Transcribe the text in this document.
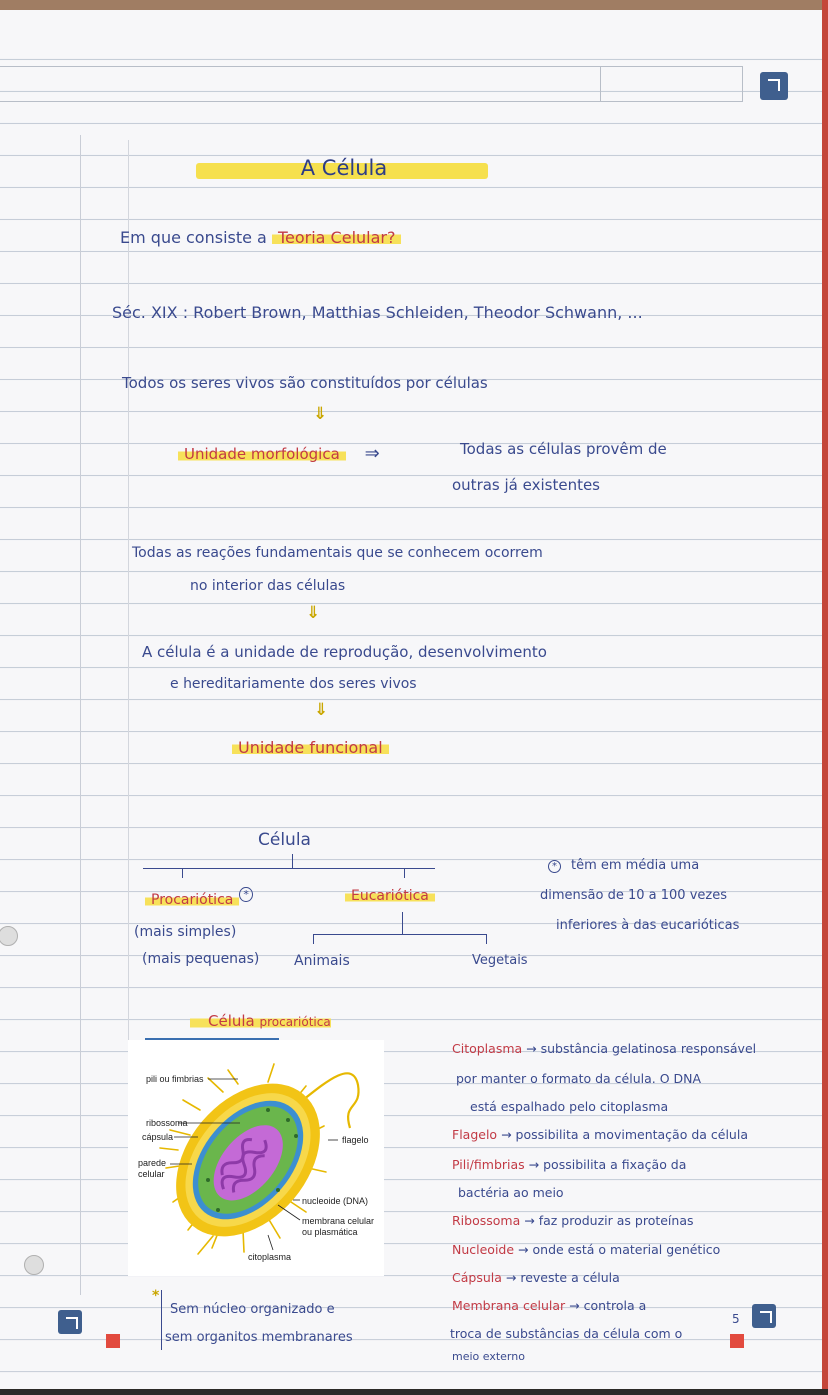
A Célula
Em que consiste a Teoria Celular?
Séc. XIX : Robert Brown, Matthias Schleiden, Theodor Schwann, ...
Todos os seres vivos são constituídos por células
⇓
Unidade morfológica ⇒	Todas as células provêm de
outras já existentes
Todas as reações fundamentais que se conhecem ocorrem
no interior das células
⇓
A célula é a unidade de reprodução, desenvolvimento
e hereditariamente dos seres vivos
⇓
Unidade funcional
Célula
Procariótica *	Eucariótica
(mais simples)
(mais pequenas) Animais	Vegetais
* têm em média uma
dimensão de 10 a 100 vezes
inferiores à das eucarióticas
Célula procariótica
pili ou fimbrias
ribossoma
cápsula
parede celular
flagelo
nucleoide (DNA)
membrana celular ou plasmática
citoplasma
Citoplasma → substância gelatinosa responsável
por manter o formato da célula. O DNA
está espalhado pelo citoplasma
Flagelo → possibilita a movimentação da célula
Pili/fimbrias → possibilita a fixação da
bactéria ao meio
Ribossoma → faz produzir as proteínas
Nucleoide → onde está o material genético
Cápsula → reveste a célula
Membrana celular → controla a
troca de substâncias da célula com o
meio externo
*
Sem núcleo organizado e
sem organitos membranares
5
